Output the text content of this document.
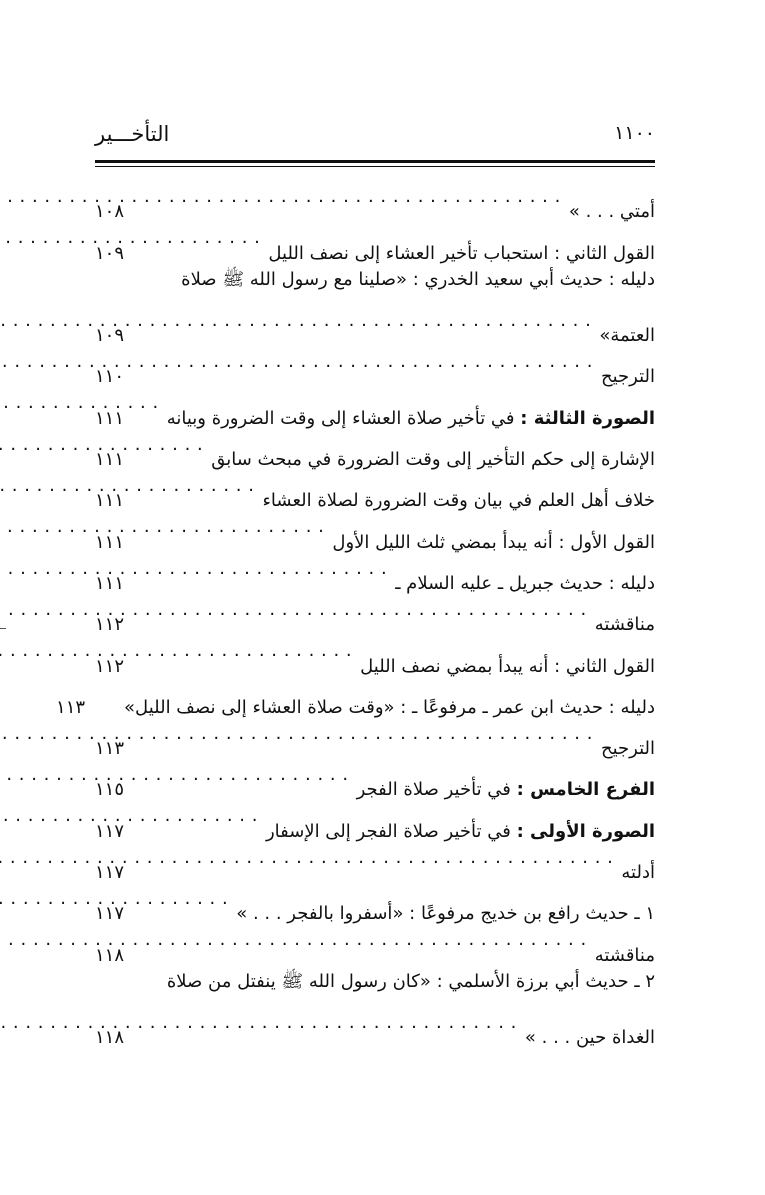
التأخـــير	١١٠٠
أمتي . . . »
. . .
١٠٨
القول الثاني : استحباب تأخير العشاء إلى نصف الليل
. . .
١٠٩
دليله : حديث أبي سعيد الخدري : «صلينا مع رسول الله ﷺ صلاة
العتمة»
. . .
١٠٩
الترجيح
. . .
١١٠
الصورة الثالثة : في تأخير صلاة العشاء إلى وقت الضرورة وبيانه
. . .
١١١
الإشارة إلى حكم التأخير إلى وقت الضرورة في مبحث سابق
. . .
١١١
خلاف أهل العلم في بيان وقت الضرورة لصلاة العشاء
. . .
١١١
القول الأول : أنه يبدأ بمضي ثلث الليل الأول
. . .
١١١
دليله : حديث جبريل ـ عليه السلام ـ
. . .
١١١
مناقشته
. . .
١١٢
القول الثاني : أنه يبدأ بمضي نصف الليل
. . .
١١٢
دليله : حديث ابن عمر ـ مرفوعًا ـ : «وقت صلاة العشاء إلى نصف الليل»
١١٣
الترجيح
. . .
١١٣
الفرع الخامس : في تأخير صلاة الفجر
. . .
١١٥
الصورة الأولى : في تأخير صلاة الفجر إلى الإسفار
. . .
١١٧
أدلته
. . .
١١٧
١ ـ حديث رافع بن خديج مرفوعًا : «أسفروا بالفجر . . . »
. . .
١١٧
مناقشته
. . .
١١٨
٢ ـ حديث أبي برزة الأسلمي : «كان رسول الله ﷺ ينفتل من صلاة
الغداة حين . . . »
. . .
١١٨
